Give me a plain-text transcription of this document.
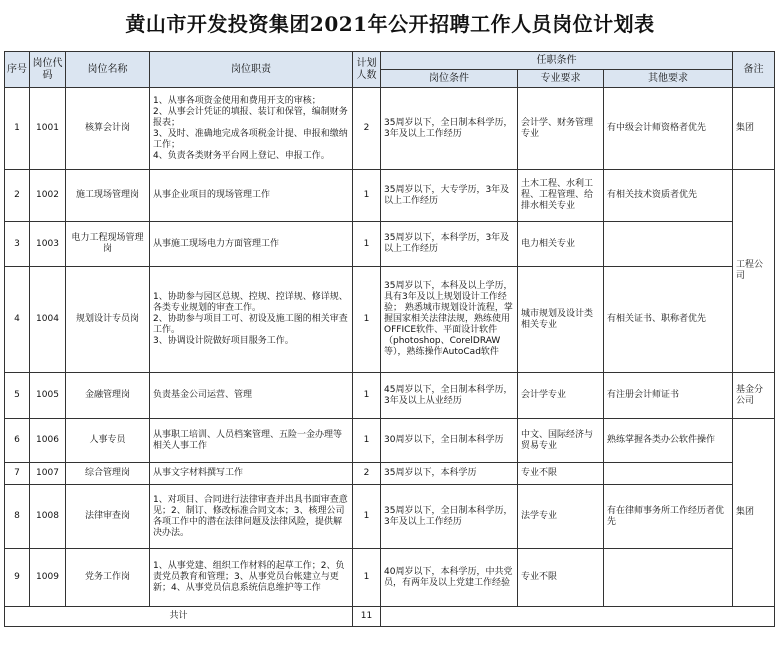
黄山市开发投资集团2021年公开招聘工作人员岗位计划表
序号	岗位代码	岗位名称	岗位职责	计划人数	任职条件			备注
					岗位条件	专业要求	其他要求	
1	1001	核算会计岗	1、从事各项资金使用和费用开支的审核；
2、从事会计凭证的填报、装订和保管，编制财务报表；
3、及时、准确地完成各项税金计提、申报和缴纳工作；
4、负责各类财务平台网上登记、申报工作。	2	35周岁以下，全日制本科学历，3年及以上工作经历	会计学、财务管理专业	有中级会计师资格者优先	集团
2	1002	施工现场管理岗	从事企业项目的现场管理工作	1	35周岁以下，大专学历，3年及以上工作经历	土木工程、水利工程、工程管理、给排水相关专业	有相关技术资质者优先	工程公司
3	1003	电力工程现场管理岗	从事施工现场电力方面管理工作	1	35周岁以下，本科学历，3年及以上工作经历	电力相关专业		
4	1004	规划设计专员岗	1、协助参与园区总规、控规、控详规、修详规、各类专业规划的审查工作。
2、协助参与项目工可、初设及施工图的相关审查工作。
3、协调设计院做好项目服务工作。	1	35周岁以下，本科及以上学历，具有3年及以上规划设计工作经验； 熟悉城市规划设计流程，掌握国家相关法律法规，熟练使用OFFICE软件、平面设计软件（photoshop、CorelDRAW等），熟练操作AutoCad软件	城市规划及设计类相关专业	有相关证书、职称者优先	
5	1005	金融管理岗	负责基金公司运营、管理	1	45周岁以下，全日制本科学历，3年及以上从业经历	会计学专业	有注册会计师证书	基金分公司
6	1006	人事专员	从事职工培训、人员档案管理、五险一金办理等相关人事工作	1	30周岁以下，全日制本科学历	中文、国际经济与贸易专业	熟练掌握各类办公软件操作	集团
7	1007	综合管理岗	从事文字材料撰写工作	2	35周岁以下，本科学历	专业不限		
8	1008	法律审查岗	1、对项目、合同进行法律审查并出具书面审查意见；2、制订、修改标准合同文本；3、核理公司各项工作中的潜在法律问题及法律风险，提供解决办法。	1	35周岁以下，全日制本科学历，3年及以上工作经历	法学专业	有在律师事务所工作经历者优先	
9	1009	党务工作岗	1、从事党建、组织工作材料的起草工作；2、负责党员教育和管理；3、从事党员台帐建立与更新；4、从事党员信息系统信息维护等工作	1	40周岁以下，本科学历，中共党员，有两年及以上党建工作经验	专业不限		
共计				11				
